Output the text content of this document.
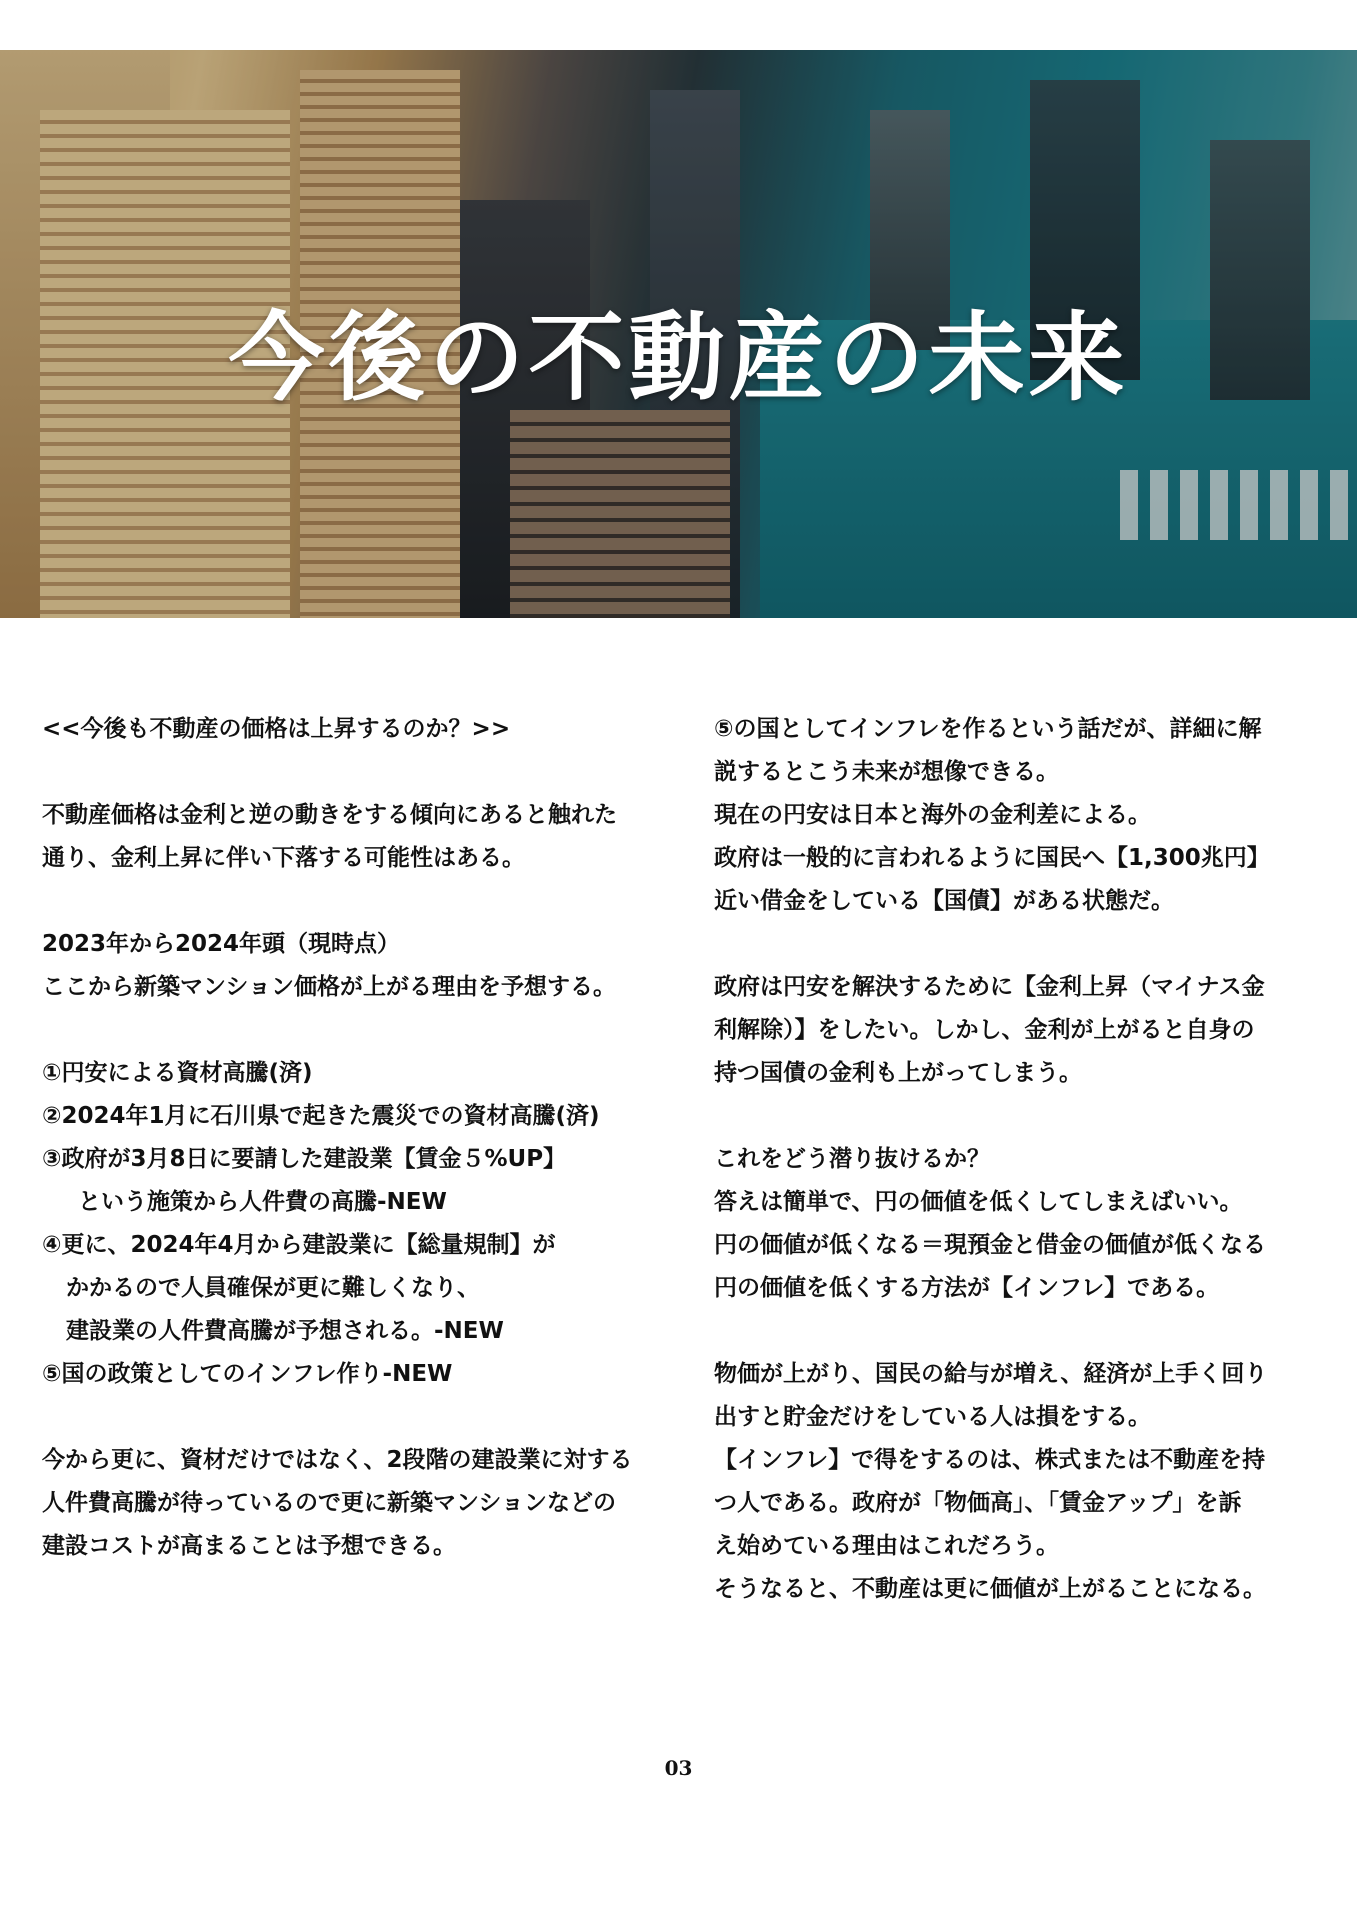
今後の不動産の未来
<<今後も不動産の価格は上昇するのか？>>
不動産価格は金利と逆の動きをする傾向にあると触れた
通り、金利上昇に伴い下落する可能性はある。
2023年から2024年頭（現時点）
ここから新築マンション価格が上がる理由を予想する。
①円安による資材高騰(済)
②2024年1月に石川県で起きた震災での資材高騰(済)
③政府が3月8日に要請した建設業【賃金５%UP】
という施策から人件費の高騰-NEW
④更に、2024年4月から建設業に【総量規制】が
かかるので人員確保が更に難しくなり、
建設業の人件費高騰が予想される。-NEW
⑤国の政策としてのインフレ作り-NEW
今から更に、資材だけではなく、2段階の建設業に対する
人件費高騰が待っているので更に新築マンションなどの
建設コストが高まることは予想できる。
⑤の国としてインフレを作るという話だが、詳細に解
説するとこう未来が想像できる。
現在の円安は日本と海外の金利差による。
政府は一般的に言われるように国民へ【1,300兆円】
近い借金をしている【国債】がある状態だ。
政府は円安を解決するために【金利上昇（マイナス金
利解除）】をしたい。しかし、金利が上がると自身の
持つ国債の金利も上がってしまう。
これをどう潜り抜けるか？
答えは簡単で、円の価値を低くしてしまえばいい。
円の価値が低くなる＝現預金と借金の価値が低くなる
円の価値を低くする方法が【インフレ】である。
物価が上がり、国民の給与が増え、経済が上手く回り
出すと貯金だけをしている人は損をする。
【インフレ】で得をするのは、株式または不動産を持
つ人である。政府が「物価高」、「賃金アップ」を訴
え始めている理由はこれだろう。
そうなると、不動産は更に価値が上がることになる。
03
